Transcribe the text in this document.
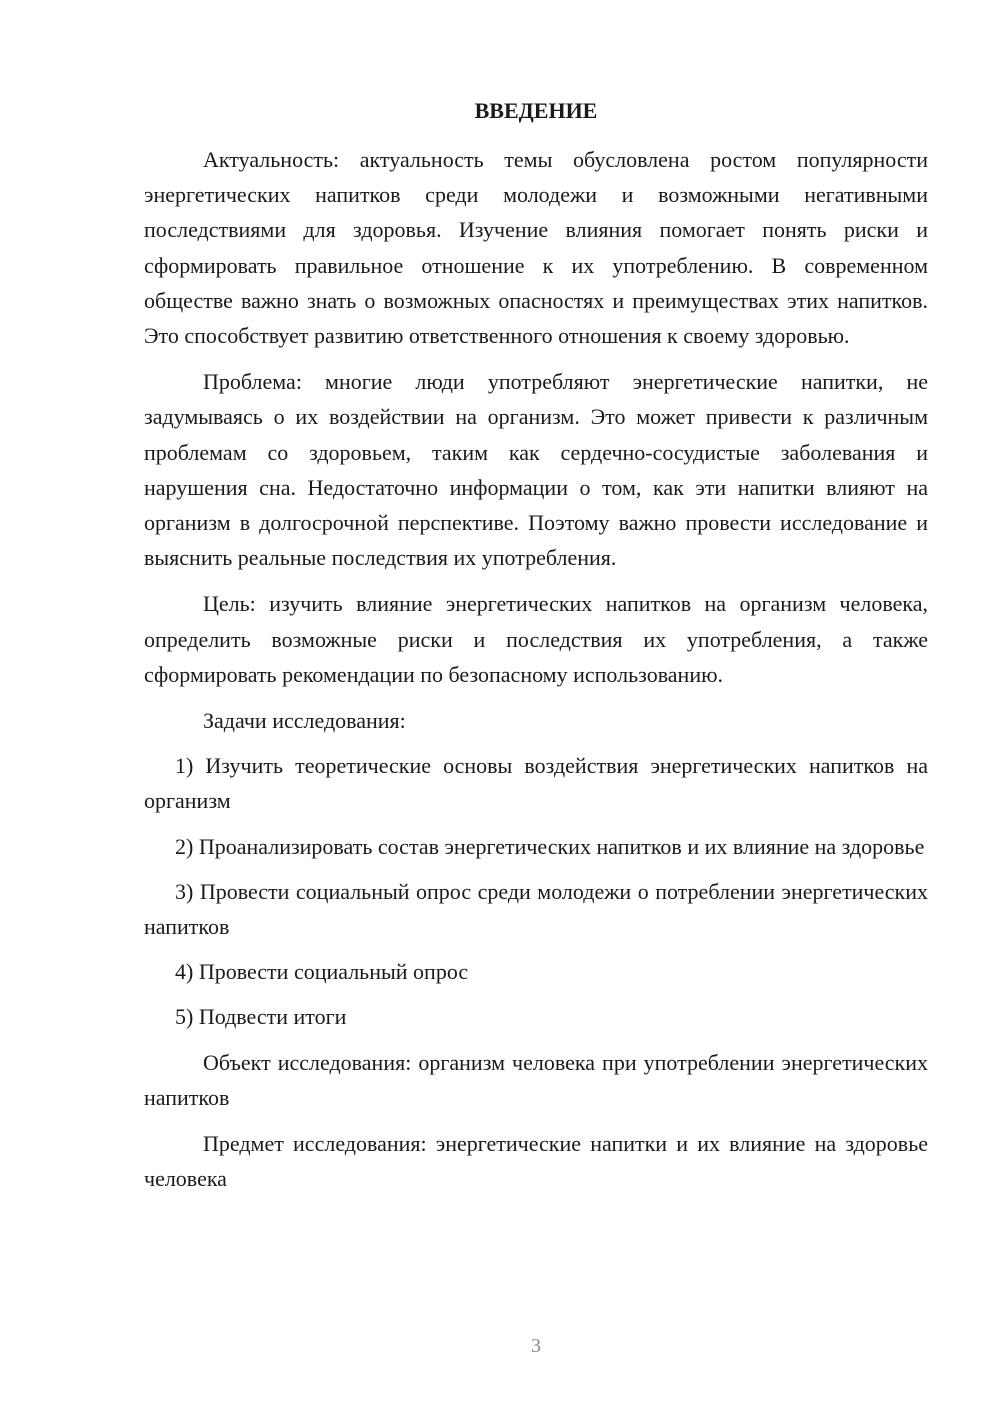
ВВЕДЕНИЕ

Актуальность: актуальность темы обусловлена ростом популярности энергетических напитков среди молодежи и возможными негативными последствиями для здоровья. Изучение влияния помогает понять риски и сформировать правильное отношение к их употреблению. В современном обществе важно знать о возможных опасностях и преимуществах этих напитков. Это способствует развитию ответственного отношения к своему здоровью.

Проблема: многие люди употребляют энергетические напитки, не задумываясь о их воздействии на организм. Это может привести к различным проблемам со здоровьем, таким как сердечно-сосудистые заболевания и нарушения сна. Недостаточно информации о том, как эти напитки влияют на организм в долгосрочной перспективе. Поэтому важно провести исследование и выяснить реальные последствия их употребления.

Цель: изучить влияние энергетических напитков на организм человека, определить возможные риски и последствия их употребления, а также сформировать рекомендации по безопасному использованию.

Задачи исследования:

1) Изучить теоретические основы воздействия энергетических напитков на организм

2) Проанализировать состав энергетических напитков и их влияние на здоровье

3) Провести социальный опрос среди молодежи о потреблении энергетических напитков

4) Провести социальный опрос

5) Подвести итоги

Объект исследования: организм человека при употреблении энергетических напитков

Предмет исследования: энергетические напитки и их влияние на здоровье человека

3
